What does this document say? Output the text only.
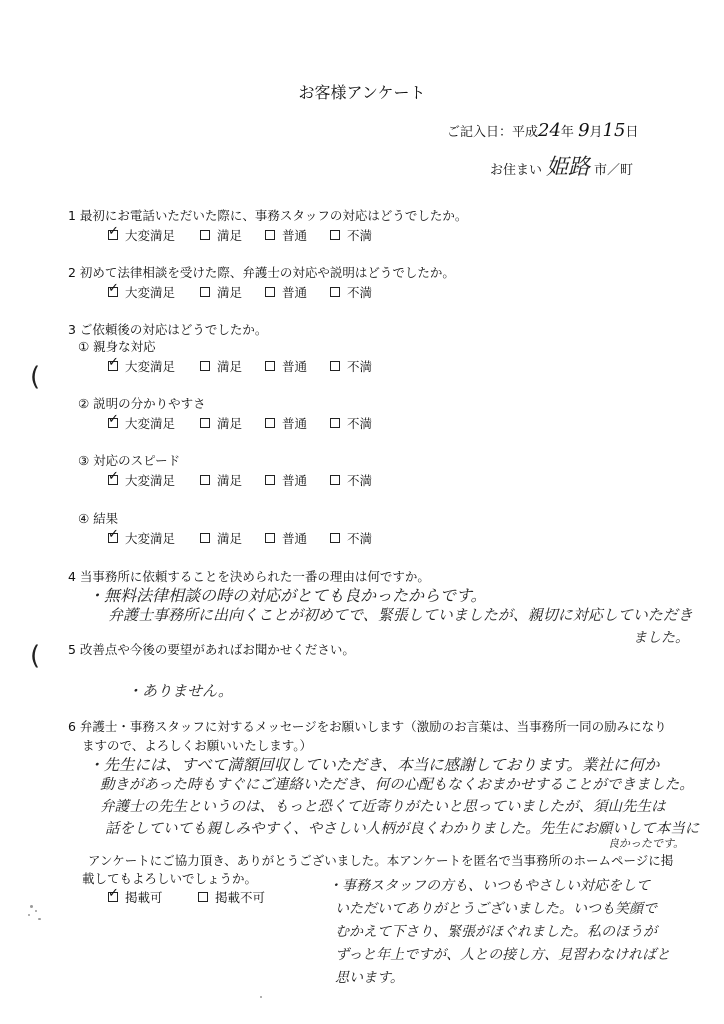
お客様アンケート
ご記入日：平成24年 9月15日
お住まい 姫路 市／町
1 最初にお電話いただいた際に、事務スタッフの対応はどうでしたか。
✓
大変満足	満足	普通	不満
2 初めて法律相談を受けた際、弁護士の対応や説明はどうでしたか。
✓
大変満足	満足	普通	不満
3 ご依頼後の対応はどうでしたか。
① 親身な対応
✓
大変満足	満足	普通	不満
② 説明の分かりやすさ
✓
大変満足	満足	普通	不満
③ 対応のスピード
✓
大変満足	満足	普通	不満
④ 結果
✓
大変満足	満足	普通	不満
4 当事務所に依頼することを決められた一番の理由は何ですか。
・無料法律相談の時の対応がとても良かったからです。
弁護士事務所に出向くことが初めてで、緊張していましたが、親切に対応していただき
ました。
5 改善点や今後の要望があればお聞かせください。
・ありません。
6 弁護士・事務スタッフに対するメッセージをお願いします（激励のお言葉は、当事務所一同の励みになり
ますので、よろしくお願いいたします。）
・先生には、すべて満額回収していただき、本当に感謝しております。業社に何か
動きがあった時もすぐにご連絡いただき、何の心配もなくおまかせすることができました。
弁護士の先生というのは、もっと恐くて近寄りがたいと思っていましたが、須山先生は
話をしていても親しみやすく、やさしい人柄が良くわかりました。先生にお願いして本当に
良かったです。
アンケートにご協力頂き、ありがとうございました。本アンケートを匿名で当事務所のホームページに掲
載してもよろしいでしょうか。
✓
掲載可	掲載不可
・事務スタッフの方も、いつもやさしい対応をして
いただいてありがとうございました。いつも笑顔で
むかえて下さり、緊張がほぐれました。私のほうが
ずっと年上ですが、人との接し方、見習わなければと
思います。
(
(
